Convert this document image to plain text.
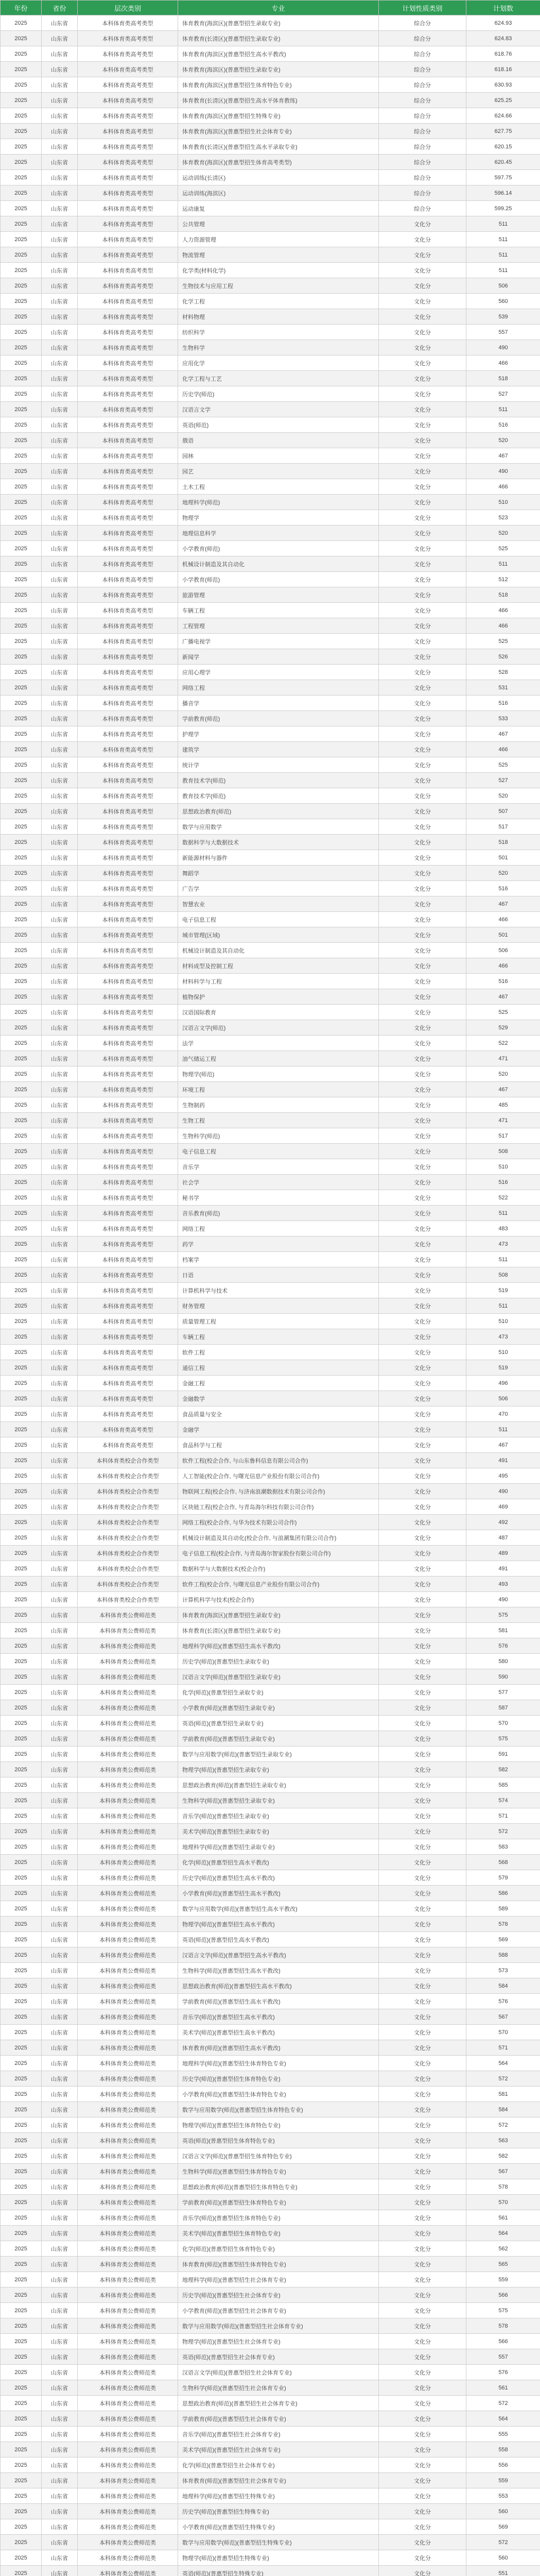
年份	省份	层次类别	专业	计划性质类别	计划数
2025	山东省	本科体育类高考类型	体育教育(海滨区)(普惠型招生录取专业)	综合分	624.93
2025	山东省	本科体育类高考类型	体育教育(长清区)(普惠型招生录取专业)	综合分	624.83
2025	山东省	本科体育类高考类型	体育教育(海滨区)(普惠型招生高水平教改)	综合分	618.76
2025	山东省	本科体育类高考类型	体育教育(海滨区)(普惠型招生录取专业)	综合分	618.16
2025	山东省	本科体育类高考类型	体育教育(海滨区)(普惠型招生体育特色专业)	综合分	630.93
2025	山东省	本科体育类高考类型	体育教育(长清区)(普惠型招生高水平体育教练)	综合分	625.25
2025	山东省	本科体育类高考类型	体育教育(海滨区)(普惠型招生特殊专业)	综合分	624.66
2025	山东省	本科体育类高考类型	体育教育(海滨区)(普惠型招生社会体育专业)	综合分	627.75
2025	山东省	本科体育类高考类型	体育教育(长清区)(普惠型招生高水平录取专业)	综合分	620.15
2025	山东省	本科体育类高考类型	体育教育(海滨区)(普惠型招生体育高考类型)	综合分	620.45
2025	山东省	本科体育类高考类型	运动训练(长清区)	综合分	597.75
2025	山东省	本科体育类高考类型	运动训练(海滨区)	综合分	596.14
2025	山东省	本科体育类高考类型	运动康复	综合分	599.25
2025	山东省	本科体育类高考类型	公共管理	文化分	511
2025	山东省	本科体育类高考类型	人力资源管理	文化分	511
2025	山东省	本科体育类高考类型	物流管理	文化分	511
2025	山东省	本科体育类高考类型	化学类(材料化学)	文化分	511
2025	山东省	本科体育类高考类型	生物技术与应用工程	文化分	506
2025	山东省	本科体育类高考类型	化学工程	文化分	560
2025	山东省	本科体育类高考类型	材料物理	文化分	539
2025	山东省	本科体育类高考类型	纺织科学	文化分	557
2025	山东省	本科体育类高考类型	生物科学	文化分	490
2025	山东省	本科体育类高考类型	应用化学	文化分	466
2025	山东省	本科体育类高考类型	化学工程与工艺	文化分	518
2025	山东省	本科体育类高考类型	历史学(师范)	文化分	527
2025	山东省	本科体育类高考类型	汉语言文学	文化分	511
2025	山东省	本科体育类高考类型	英语(师范)	文化分	516
2025	山东省	本科体育类高考类型	俄语	文化分	520
2025	山东省	本科体育类高考类型	园林	文化分	467
2025	山东省	本科体育类高考类型	园艺	文化分	490
2025	山东省	本科体育类高考类型	土木工程	文化分	466
2025	山东省	本科体育类高考类型	地理科学(师范)	文化分	510
2025	山东省	本科体育类高考类型	物理学	文化分	523
2025	山东省	本科体育类高考类型	地理信息科学	文化分	520
2025	山东省	本科体育类高考类型	小学教育(师范)	文化分	525
2025	山东省	本科体育类高考类型	机械设计制造及其自动化	文化分	511
2025	山东省	本科体育类高考类型	小学教育(师范)	文化分	512
2025	山东省	本科体育类高考类型	旅游管理	文化分	518
2025	山东省	本科体育类高考类型	车辆工程	文化分	466
2025	山东省	本科体育类高考类型	工程管理	文化分	466
2025	山东省	本科体育类高考类型	广播电视学	文化分	525
2025	山东省	本科体育类高考类型	新闻学	文化分	526
2025	山东省	本科体育类高考类型	应用心理学	文化分	528
2025	山东省	本科体育类高考类型	网络工程	文化分	531
2025	山东省	本科体育类高考类型	播音学	文化分	516
2025	山东省	本科体育类高考类型	学前教育(师范)	文化分	533
2025	山东省	本科体育类高考类型	护理学	文化分	467
2025	山东省	本科体育类高考类型	建筑学	文化分	466
2025	山东省	本科体育类高考类型	统计学	文化分	525
2025	山东省	本科体育类高考类型	教育技术学(师范)	文化分	527
2025	山东省	本科体育类高考类型	教育技术学(师范)	文化分	520
2025	山东省	本科体育类高考类型	思想政治教育(师范)	文化分	507
2025	山东省	本科体育类高考类型	数学与应用数学	文化分	517
2025	山东省	本科体育类高考类型	数据科学与大数据技术	文化分	518
2025	山东省	本科体育类高考类型	新能源材料与器件	文化分	501
2025	山东省	本科体育类高考类型	舞蹈学	文化分	520
2025	山东省	本科体育类高考类型	广告学	文化分	516
2025	山东省	本科体育类高考类型	智慧农业	文化分	467
2025	山东省	本科体育类高考类型	电子信息工程	文化分	466
2025	山东省	本科体育类高考类型	城市管理(区域)	文化分	501
2025	山东省	本科体育类高考类型	机械设计制造及其自动化	文化分	506
2025	山东省	本科体育类高考类型	材料成型及控制工程	文化分	466
2025	山东省	本科体育类高考类型	材料科学与工程	文化分	516
2025	山东省	本科体育类高考类型	植物保护	文化分	467
2025	山东省	本科体育类高考类型	汉语国际教育	文化分	525
2025	山东省	本科体育类高考类型	汉语言文学(师范)	文化分	529
2025	山东省	本科体育类高考类型	法学	文化分	522
2025	山东省	本科体育类高考类型	油气储运工程	文化分	471
2025	山东省	本科体育类高考类型	物理学(师范)	文化分	520
2025	山东省	本科体育类高考类型	环境工程	文化分	467
2025	山东省	本科体育类高考类型	生物制药	文化分	485
2025	山东省	本科体育类高考类型	生物工程	文化分	471
2025	山东省	本科体育类高考类型	生物科学(师范)	文化分	517
2025	山东省	本科体育类高考类型	电子信息工程	文化分	508
2025	山东省	本科体育类高考类型	音乐学	文化分	510
2025	山东省	本科体育类高考类型	社会学	文化分	516
2025	山东省	本科体育类高考类型	秘书学	文化分	522
2025	山东省	本科体育类高考类型	音乐教育(师范)	文化分	511
2025	山东省	本科体育类高考类型	网络工程	文化分	483
2025	山东省	本科体育类高考类型	药学	文化分	473
2025	山东省	本科体育类高考类型	档案学	文化分	511
2025	山东省	本科体育类高考类型	日语	文化分	508
2025	山东省	本科体育类高考类型	计算机科学与技术	文化分	519
2025	山东省	本科体育类高考类型	财务管理	文化分	511
2025	山东省	本科体育类高考类型	质量管理工程	文化分	510
2025	山东省	本科体育类高考类型	车辆工程	文化分	473
2025	山东省	本科体育类高考类型	软件工程	文化分	510
2025	山东省	本科体育类高考类型	通信工程	文化分	519
2025	山东省	本科体育类高考类型	金融工程	文化分	496
2025	山东省	本科体育类高考类型	金融数学	文化分	506
2025	山东省	本科体育类高考类型	食品质量与安全	文化分	470
2025	山东省	本科体育类高考类型	金融学	文化分	511
2025	山东省	本科体育类高考类型	食品科学与工程	文化分	467
2025	山东省	本科体育类校企合作类型	软件工程(校企合作, 与山东鲁科信息有限公司合作)	文化分	491
2025	山东省	本科体育类校企合作类型	人工智能(校企合作, 与曙光信息产业股份有限公司合作)	文化分	495
2025	山东省	本科体育类校企合作类型	物联网工程(校企合作, 与济南浪潮数据技术有限公司合作)	文化分	490
2025	山东省	本科体育类校企合作类型	区块链工程(校企合作, 与青岛海尔科技有限公司合作)	文化分	469
2025	山东省	本科体育类校企合作类型	网络工程(校企合作, 与华为技术有限公司合作)	文化分	492
2025	山东省	本科体育类校企合作类型	机械设计制造及其自动化(校企合作, 与浪潮集团有限公司合作)	文化分	487
2025	山东省	本科体育类校企合作类型	电子信息工程(校企合作, 与青岛海尔智家股份有限公司合作)	文化分	489
2025	山东省	本科体育类校企合作类型	数据科学与大数据技术(校企合作)	文化分	491
2025	山东省	本科体育类校企合作类型	软件工程(校企合作, 与曙光信息产业股份有限公司合作)	文化分	493
2025	山东省	本科体育类校企合作类型	计算机科学与技术(校企合作)	文化分	490
2025	山东省	本科体育类公费师范类	体育教育(海滨区)(普惠型招生录取专业)	文化分	575
2025	山东省	本科体育类公费师范类	体育教育(长清区)(普惠型招生录取专业)	文化分	581
2025	山东省	本科体育类公费师范类	地理科学(师范)(普惠型招生高水平教改)	文化分	576
2025	山东省	本科体育类公费师范类	历史学(师范)(普惠型招生录取专业)	文化分	580
2025	山东省	本科体育类公费师范类	汉语言文学(师范)(普惠型招生录取专业)	文化分	590
2025	山东省	本科体育类公费师范类	化学(师范)(普惠型招生录取专业)	文化分	577
2025	山东省	本科体育类公费师范类	小学教育(师范)(普惠型招生录取专业)	文化分	587
2025	山东省	本科体育类公费师范类	英语(师范)(普惠型招生录取专业)	文化分	570
2025	山东省	本科体育类公费师范类	学前教育(师范)(普惠型招生录取专业)	文化分	575
2025	山东省	本科体育类公费师范类	数学与应用数学(师范)(普惠型招生录取专业)	文化分	591
2025	山东省	本科体育类公费师范类	物理学(师范)(普惠型招生录取专业)	文化分	582
2025	山东省	本科体育类公费师范类	思想政治教育(师范)(普惠型招生录取专业)	文化分	585
2025	山东省	本科体育类公费师范类	生物科学(师范)(普惠型招生录取专业)	文化分	574
2025	山东省	本科体育类公费师范类	音乐学(师范)(普惠型招生录取专业)	文化分	571
2025	山东省	本科体育类公费师范类	美术学(师范)(普惠型招生录取专业)	文化分	572
2025	山东省	本科体育类公费师范类	地理科学(师范)(普惠型招生录取专业)	文化分	583
2025	山东省	本科体育类公费师范类	化学(师范)(普惠型招生高水平教改)	文化分	568
2025	山东省	本科体育类公费师范类	历史学(师范)(普惠型招生高水平教改)	文化分	579
2025	山东省	本科体育类公费师范类	小学教育(师范)(普惠型招生高水平教改)	文化分	586
2025	山东省	本科体育类公费师范类	数学与应用数学(师范)(普惠型招生高水平教改)	文化分	589
2025	山东省	本科体育类公费师范类	物理学(师范)(普惠型招生高水平教改)	文化分	578
2025	山东省	本科体育类公费师范类	英语(师范)(普惠型招生高水平教改)	文化分	569
2025	山东省	本科体育类公费师范类	汉语言文学(师范)(普惠型招生高水平教改)	文化分	588
2025	山东省	本科体育类公费师范类	生物科学(师范)(普惠型招生高水平教改)	文化分	573
2025	山东省	本科体育类公费师范类	思想政治教育(师范)(普惠型招生高水平教改)	文化分	584
2025	山东省	本科体育类公费师范类	学前教育(师范)(普惠型招生高水平教改)	文化分	576
2025	山东省	本科体育类公费师范类	音乐学(师范)(普惠型招生高水平教改)	文化分	567
2025	山东省	本科体育类公费师范类	美术学(师范)(普惠型招生高水平教改)	文化分	570
2025	山东省	本科体育类公费师范类	体育教育(师范)(普惠型招生高水平教改)	文化分	571
2025	山东省	本科体育类公费师范类	地理科学(师范)(普惠型招生体育特色专业)	文化分	564
2025	山东省	本科体育类公费师范类	历史学(师范)(普惠型招生体育特色专业)	文化分	572
2025	山东省	本科体育类公费师范类	小学教育(师范)(普惠型招生体育特色专业)	文化分	581
2025	山东省	本科体育类公费师范类	数学与应用数学(师范)(普惠型招生体育特色专业)	文化分	584
2025	山东省	本科体育类公费师范类	物理学(师范)(普惠型招生体育特色专业)	文化分	572
2025	山东省	本科体育类公费师范类	英语(师范)(普惠型招生体育特色专业)	文化分	563
2025	山东省	本科体育类公费师范类	汉语言文学(师范)(普惠型招生体育特色专业)	文化分	582
2025	山东省	本科体育类公费师范类	生物科学(师范)(普惠型招生体育特色专业)	文化分	567
2025	山东省	本科体育类公费师范类	思想政治教育(师范)(普惠型招生体育特色专业)	文化分	578
2025	山东省	本科体育类公费师范类	学前教育(师范)(普惠型招生体育特色专业)	文化分	570
2025	山东省	本科体育类公费师范类	音乐学(师范)(普惠型招生体育特色专业)	文化分	561
2025	山东省	本科体育类公费师范类	美术学(师范)(普惠型招生体育特色专业)	文化分	564
2025	山东省	本科体育类公费师范类	化学(师范)(普惠型招生体育特色专业)	文化分	562
2025	山东省	本科体育类公费师范类	体育教育(师范)(普惠型招生体育特色专业)	文化分	565
2025	山东省	本科体育类公费师范类	地理科学(师范)(普惠型招生社会体育专业)	文化分	559
2025	山东省	本科体育类公费师范类	历史学(师范)(普惠型招生社会体育专业)	文化分	566
2025	山东省	本科体育类公费师范类	小学教育(师范)(普惠型招生社会体育专业)	文化分	575
2025	山东省	本科体育类公费师范类	数学与应用数学(师范)(普惠型招生社会体育专业)	文化分	578
2025	山东省	本科体育类公费师范类	物理学(师范)(普惠型招生社会体育专业)	文化分	566
2025	山东省	本科体育类公费师范类	英语(师范)(普惠型招生社会体育专业)	文化分	557
2025	山东省	本科体育类公费师范类	汉语言文学(师范)(普惠型招生社会体育专业)	文化分	576
2025	山东省	本科体育类公费师范类	生物科学(师范)(普惠型招生社会体育专业)	文化分	561
2025	山东省	本科体育类公费师范类	思想政治教育(师范)(普惠型招生社会体育专业)	文化分	572
2025	山东省	本科体育类公费师范类	学前教育(师范)(普惠型招生社会体育专业)	文化分	564
2025	山东省	本科体育类公费师范类	音乐学(师范)(普惠型招生社会体育专业)	文化分	555
2025	山东省	本科体育类公费师范类	美术学(师范)(普惠型招生社会体育专业)	文化分	558
2025	山东省	本科体育类公费师范类	化学(师范)(普惠型招生社会体育专业)	文化分	556
2025	山东省	本科体育类公费师范类	体育教育(师范)(普惠型招生社会体育专业)	文化分	559
2025	山东省	本科体育类公费师范类	地理科学(师范)(普惠型招生特殊专业)	文化分	553
2025	山东省	本科体育类公费师范类	历史学(师范)(普惠型招生特殊专业)	文化分	560
2025	山东省	本科体育类公费师范类	小学教育(师范)(普惠型招生特殊专业)	文化分	569
2025	山东省	本科体育类公费师范类	数学与应用数学(师范)(普惠型招生特殊专业)	文化分	572
2025	山东省	本科体育类公费师范类	物理学(师范)(普惠型招生特殊专业)	文化分	560
2025	山东省	本科体育类公费师范类	英语(师范)(普惠型招生特殊专业)	文化分	551
